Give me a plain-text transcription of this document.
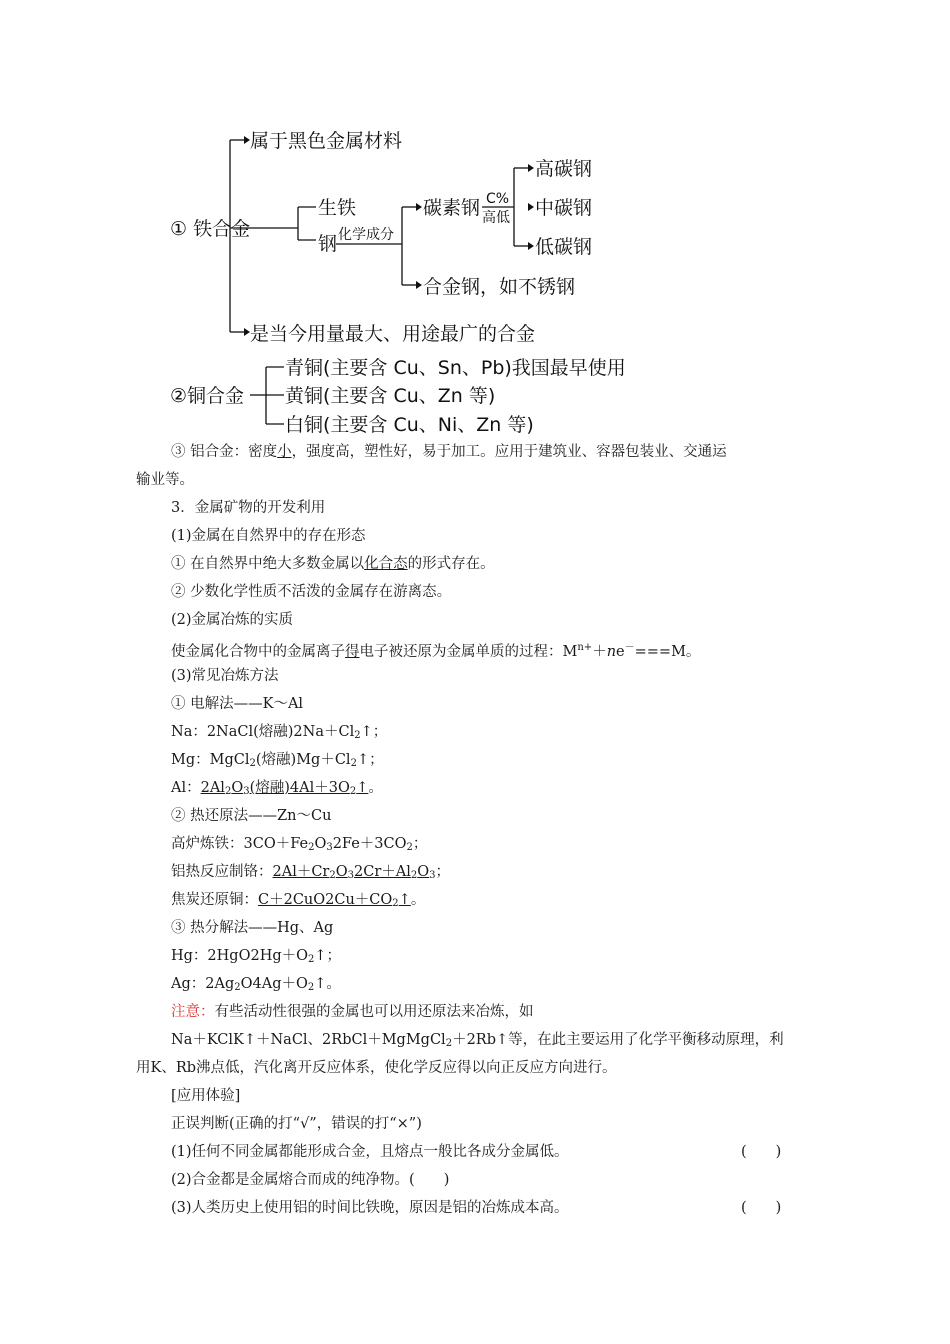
① 铁合金
属于黑色金属材料
是当今用量最大、用途最广的合金
生铁
钢 化学成分
碳素钢
合金钢，如不锈钢
C%
高低
高碳钢
中碳钢
低碳钢
②铜合金
青铜(主要含 Cu、Sn、Pb)我国最早使用
黄铜(主要含 Cu、Zn 等)
白铜(主要含 Cu、Ni、Zn 等)
③ 铝合金：密度小，强度高，塑性好，易于加工。应用于建筑业、容器包装业、交通运
输业等。
3．金属矿物的开发利用
(1)金属在自然界中的存在形态
① 在自然界中绝大多数金属以化合态的形式存在。
② 少数化学性质不活泼的金属存在游离态。
(2)金属冶炼的实质
使金属化合物中的金属离子得电子被还原为金属单质的过程：$M^{n+}+ne^-===M$。
(3)常见冶炼方法
① 电解法——K～Al
Na：2NaCl(熔融)$2Na+Cl_2↑$；
Mg：MgCl$_2$(熔融)$Mg+Cl_2↑$；
Al：$2Al_2O_3$(熔融)$4Al+3O_2↑$。
② 热还原法——Zn～Cu
高炉炼铁：$3CO+Fe_2O_32Fe+3CO_2$；
铝热反应制铬：$2Al+Cr_2O_32Cr+Al_2O_3$；
焦炭还原铜：$C+2CuO2Cu+CO_2↑$。
③ 热分解法——Hg、Ag
Hg：$2HgO2Hg+O_2↑$；
Ag：$2Ag_2O4Ag+O_2↑$。
注意：有些活动性很强的金属也可以用还原法来冶炼，如
Na＋KClK↑＋NaCl、2RbCl＋MgMgCl$_2$＋2Rb↑等，在此主要运用了化学平衡移动原理，利
用K、Rb沸点低，汽化离开反应体系，使化学反应得以向正反应方向进行。
[应用体验]
正误判断(正确的打“√”，错误的打“×”)
(1)任何不同金属都能形成合金，且熔点一般比各成分金属低。	(　　)
(2)合金都是金属熔合而成的纯净物。(　　)
(3)人类历史上使用铝的时间比铁晚，原因是铝的冶炼成本高。	(　　)
